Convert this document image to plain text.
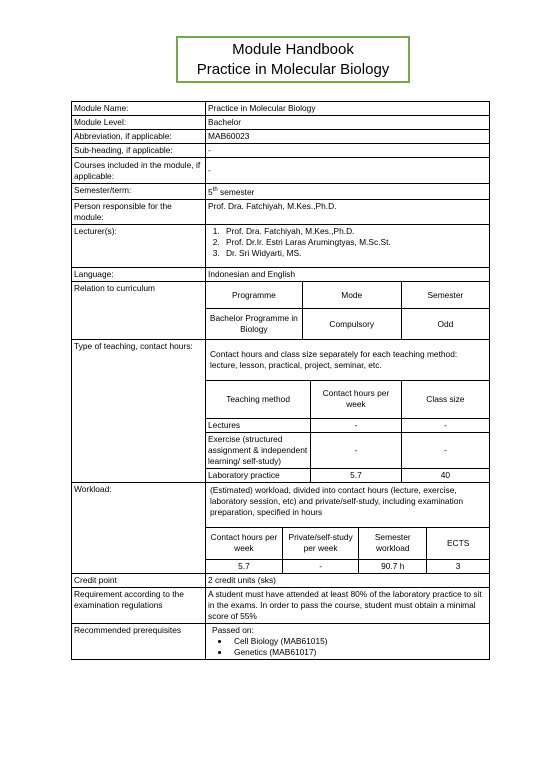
Module Handbook
Practice in Molecular Biology
Module Name:	Practice in Molecular Biology
Module Level:	Bachelor
Abbreviation, if applicable:	MAB60023
Sub-heading, if applicable:	-
Courses included in the module, if applicable:	-
Semester/term:	5th semester
Person responsible for the module:	Prof. Dra. Fatchiyah, M.Kes.,Ph.D.
Lecturer(s):	
1.Prof. Dra. Fatchiyah, M.Kes.,Ph.D.
2. Prof. Dr.Ir. Estri Laras Arumingtyas, M.Sc.St.
3. Dr. Sri Widyarti, MS.

Language:	Indonesian and English
Relation to curriculum	
Programme	Mode	Semester
Bachelor Programme in Biology	Compulsory	Odd

Type of teaching, contact hours:	
Contact hours and class size separately for each teaching method: lecture, lesson, practical, project, seminar, etc.
Teaching method	Contact hours per week	Class size
Lectures	-	-
Exercise (structured assignment & independent learning/ self-study)	-	-
Laboratory practice	5.7	40

Workload:	(Estimated) workload, divided into contact hours (lecture, exercise, laboratory session, etc) and private/self-study, including examination preparation, specified in hours
Contact hours per week	Private/self-study per week	Semester workload	ECTS
5.7	-	90.7 h	3

Credit point	2 credit units (sks)
Requirement according to the examination regulations	A student must have attended at least 80% of the laboratory practice to sit in the exams. In order to pass the course, student must obtain a minimal score of 55%
Recommended prerequisites	Passed on:
• Cell Biology (MAB61015)
• Genetics (MAB61017)
